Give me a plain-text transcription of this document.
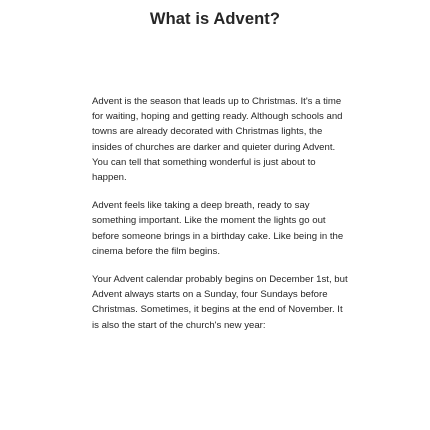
What is Advent?

Advent is the season that leads up to Christmas. It's a time for waiting, hoping and getting ready. Although schools and towns are already decorated with Christmas lights, the insides of churches are darker and quieter during Advent. You can tell that something wonderful is just about to happen.

Advent feels like taking a deep breath, ready to say something important. Like the moment the lights go out before someone brings in a birthday cake. Like being in the cinema before the film begins.

Your Advent calendar probably begins on December 1st, but Advent always starts on a Sunday, four Sundays before Christmas. Sometimes, it begins at the end of November. It is also the start of the church's new year:
